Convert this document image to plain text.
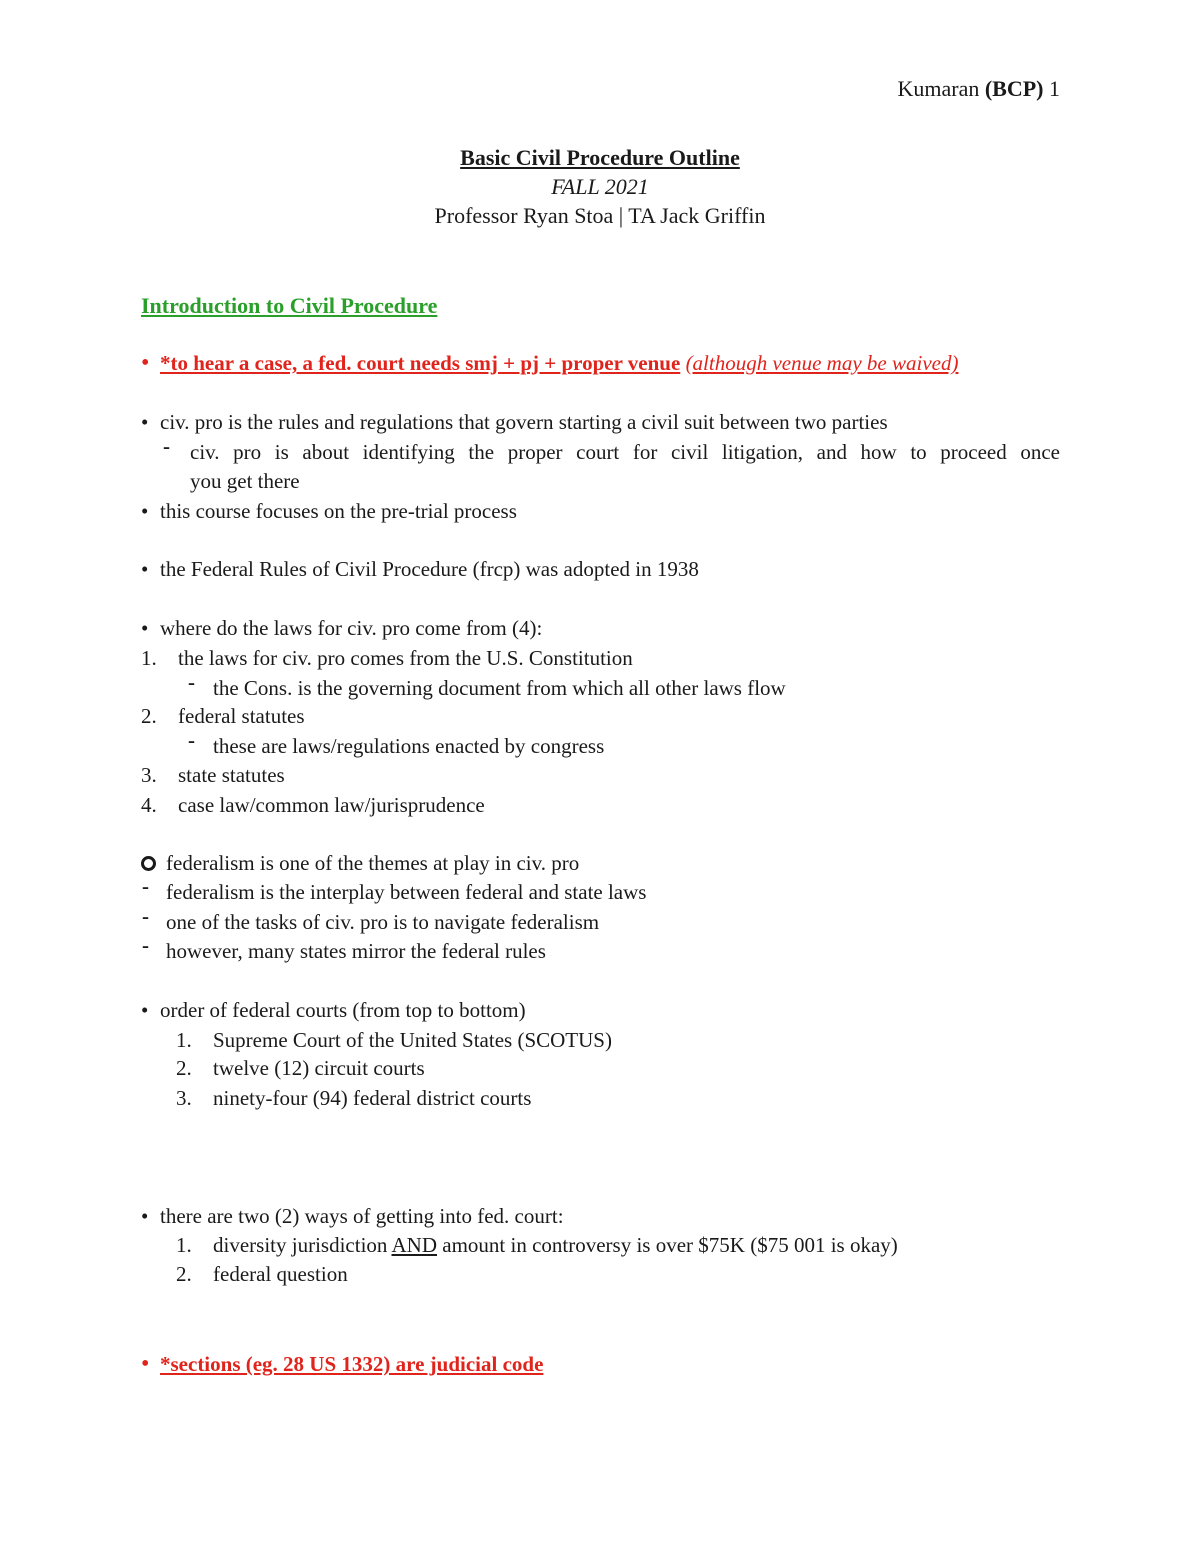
Kumaran (BCP) 1
Basic Civil Procedure Outline
FALL 2021
Professor Ryan Stoa | TA Jack Griffin
Introduction to Civil Procedure
• *to hear a case, a fed. court needs smj + pj + proper venue (although venue may be waived)
• civ. pro is the rules and regulations that govern starting a civil suit between two parties
- civ. pro is about identifying the proper court for civil litigation, and how to proceed once
you get there
• this course focuses on the pre-trial process
• the Federal Rules of Civil Procedure (frcp) was adopted in 1938
• where do the laws for civ. pro come from (4):
1. the laws for civ. pro comes from the U.S. Constitution
- the Cons. is the governing document from which all other laws flow
2. federal statutes
- these are laws/regulations enacted by congress
3. state statutes
4. case law/common law/jurisprudence
federalism is one of the themes at play in civ. pro
- federalism is the interplay between federal and state laws
- one of the tasks of civ. pro is to navigate federalism
- however, many states mirror the federal rules
• order of federal courts (from top to bottom)
1. Supreme Court of the United States (SCOTUS)
2. twelve (12) circuit courts
3. ninety-four (94) federal district courts
• there are two (2) ways of getting into fed. court:
1. diversity jurisdiction AND amount in controversy is over $75K ($75 001 is okay)
2. federal question
• *sections (eg. 28 US 1332) are judicial code
